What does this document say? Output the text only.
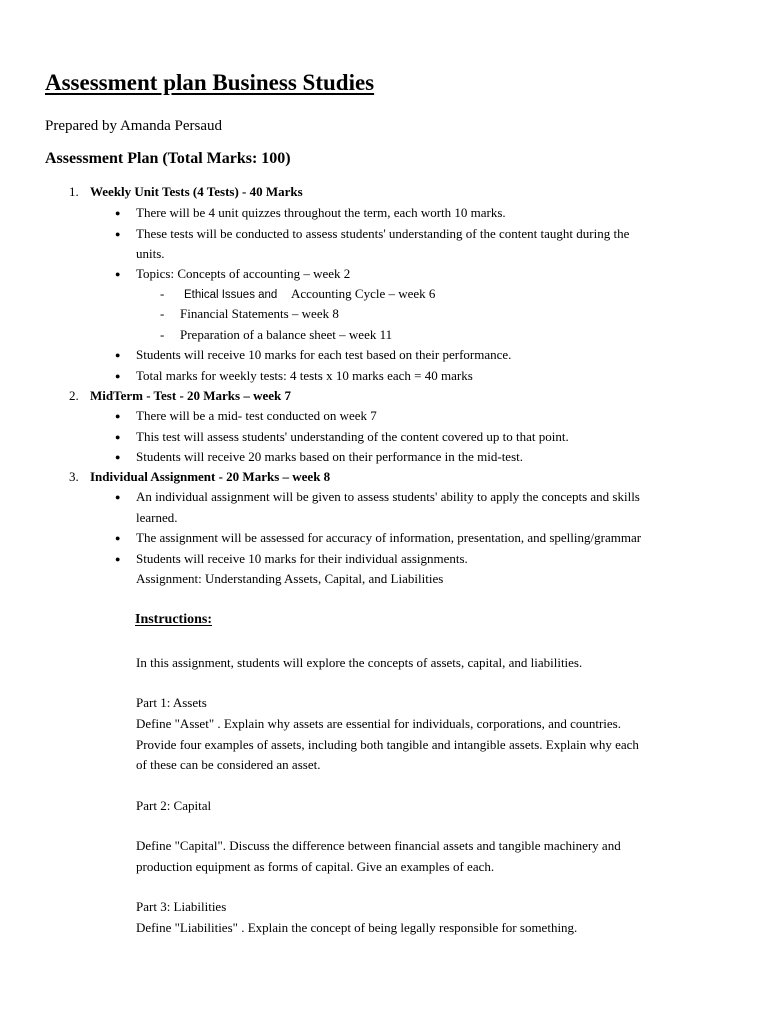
Assessment plan Business Studies
Prepared by Amanda Persaud
Assessment Plan (Total Marks: 100)
1. Weekly Unit Tests (4 Tests) - 40 Marks
● There will be 4 unit quizzes throughout the term, each worth 10 marks.
● These tests will be conducted to assess students' understanding of the content taught during the
units.
● Topics: Concepts of accounting – week 2
- Ethical Issues and Accounting Cycle – week 6
- Financial Statements – week 8
- Preparation of a balance sheet – week 11
● Students will receive 10 marks for each test based on their performance.
● Total marks for weekly tests: 4 tests x 10 marks each = 40 marks
2. MidTerm - Test - 20 Marks – week 7
● There will be a mid- test conducted on week 7
● This test will assess students' understanding of the content covered up to that point.
● Students will receive 20 marks based on their performance in the mid-test.
3. Individual Assignment - 20 Marks – week 8
● An individual assignment will be given to assess students' ability to apply the concepts and skills
learned.
● The assignment will be assessed for accuracy of information, presentation, and spelling/grammar
● Students will receive 10 marks for their individual assignments.
Assignment: Understanding Assets, Capital, and Liabilities
Instructions:
In this assignment, students will explore the concepts of assets, capital, and liabilities.
Part 1: Assets
Define "Asset" . Explain why assets are essential for individuals, corporations, and countries.
Provide four examples of assets, including both tangible and intangible assets. Explain why each
of these can be considered an asset.
Part 2: Capital
Define "Capital". Discuss the difference between financial assets and tangible machinery and
production equipment as forms of capital. Give an examples of each.
Part 3: Liabilities
Define "Liabilities" . Explain the concept of being legally responsible for something.
